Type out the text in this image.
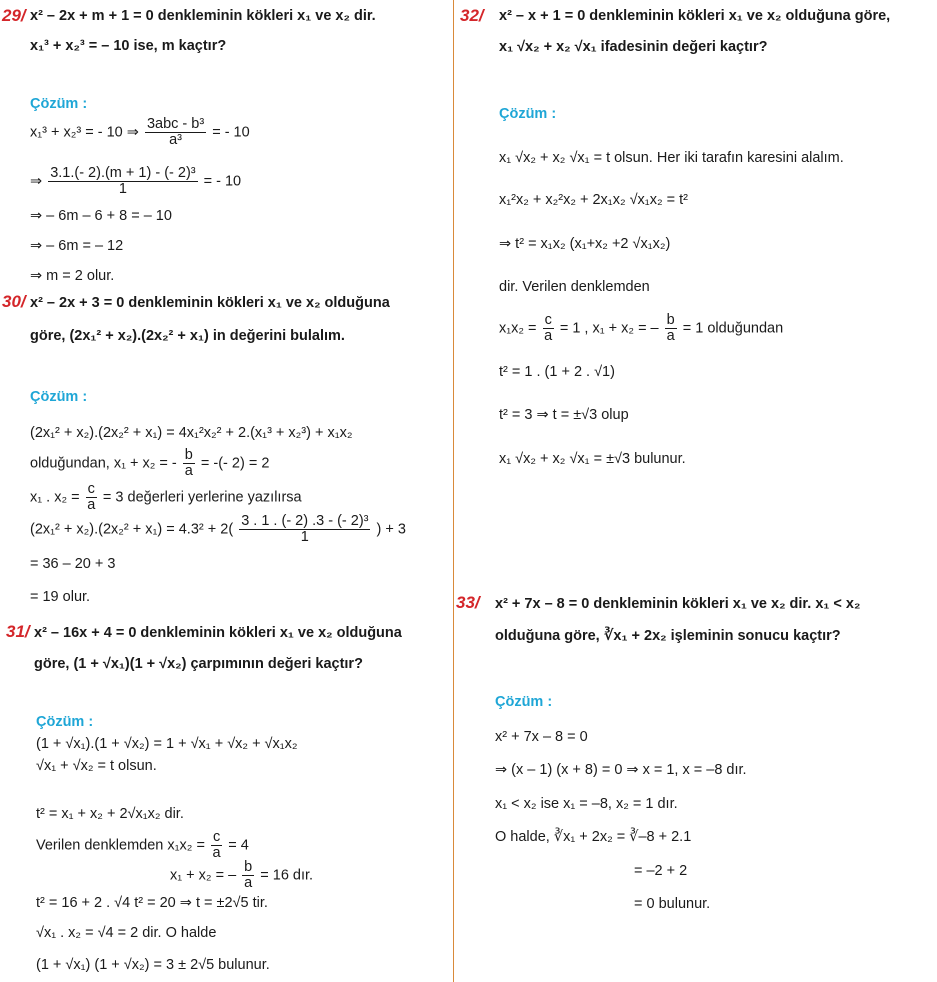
29/ x² – 2x + m + 1 = 0 denkleminin kökleri x₁ ve x₂ dir.
x₁³ + x₂³ = – 10 ise, m kaçtır?
Çözüm :
x₁³ + x₂³ = - 10 ⇒ $\frac{\text{3abc - b³}}{\text{a³}}$ = - 10
⇒ $\frac{\text{3.1.(- 2).(m + 1) - (- 2)³}}{1}$ = - 10
⇒ – 6m – 6 + 8 = – 10
⇒ – 6m = – 12
⇒ m = 2 olur.
30/ x² – 2x + 3 = 0 denkleminin kökleri x₁ ve x₂ olduğuna
göre, (2x₁² + x₂).(2x₂² + x₁) in değerini bulalım.
Çözüm :
(2x₁² + x₂).(2x₂² + x₁) = 4x₁²x₂² + 2.(x₁³ + x₂³) + x₁x₂
olduğundan, x₁ + x₂ = - $\frac{b}{a}$ = -(- 2) = 2
x₁ . $x_2 = \frac{c}{a} = 3$ değerleri yerlerine yazılırsa
$(2x_1^2 + x_2).(2x_2^2 + x_1) = 4.3^2 + 2( \frac{\text{3 . 1 . (- 2) .3 - (- 2)³}}{1}$ ) + 3
= 36 – 20 + 3
= 19 olur.
31/ x² – 16x + 4 = 0 denkleminin kökleri x₁ ve x₂ olduğuna
göre, (1 + √x₁)(1 + √x₂) çarpımının değeri kaçtır?
Çözüm :
(1 + √x₁).(1 + √x₂) = 1 + √x₁ + √x₂ + √x₁x₂
√x₁ + √x₂ = t olsun.
t² = x₁ + x₂ + 2√x₁x₂ dir.
Verilen denklemden $x_1x_2 = \frac{c}{a} = 4$
x₁ + x₂ = – $\frac{b}{a} = 16$ dır.
t² = 16 + 2 . √4 t² = 20 ⇒ t = ±2√5 tir.
√x₁ . x₂ = √4 = 2 dir. O halde
(1 + √x₁) (1 + √x₂) = 3 ± 2√5 bulunur.
32/ x² – x + 1 = 0 denkleminin kökleri x₁ ve x₂ olduğuna göre,
x₁ √x₂ + x₂ √x₁ ifadesinin değeri kaçtır?
Çözüm :
x₁ √x₂ + x₂ √x₁ = t olsun. Her iki tarafın karesini alalım.
x₁²x₂ + x₂²x₂ + 2x₁x₂ √x₁x₂ = t²
⇒ t² = x₁x₂ (x₁+x₂ +2 √x₁x₂)
dir. Verilen denklemden
$x_1x_2 = \frac{c}{a} = 1$ , x₁ + x₂ = – $\frac{b}{a} = 1$ olduğundan
t² = 1 . (1 + 2 . √1)
t² = 3 ⇒ t = ±√3 olup
x₁ √x₂ + x₂ √x₁ = ±√3 bulunur.
33/ x² + 7x – 8 = 0 denkleminin kökleri x₁ ve x₂ dir. x₁ < x₂
olduğuna göre, ∛x₁ + 2x₂ işleminin sonucu kaçtır?
Çözüm :
x² + 7x – 8 = 0
⇒ (x – 1) (x + 8) = 0 ⇒ x = 1, x = –8 dır.
x₁ < x₂ ise x₁ = –8, x₂ = 1 dır.
O halde, ∛x₁ + 2x₂ = ∛–8 + 2.1
= –2 + 2
= 0 bulunur.
